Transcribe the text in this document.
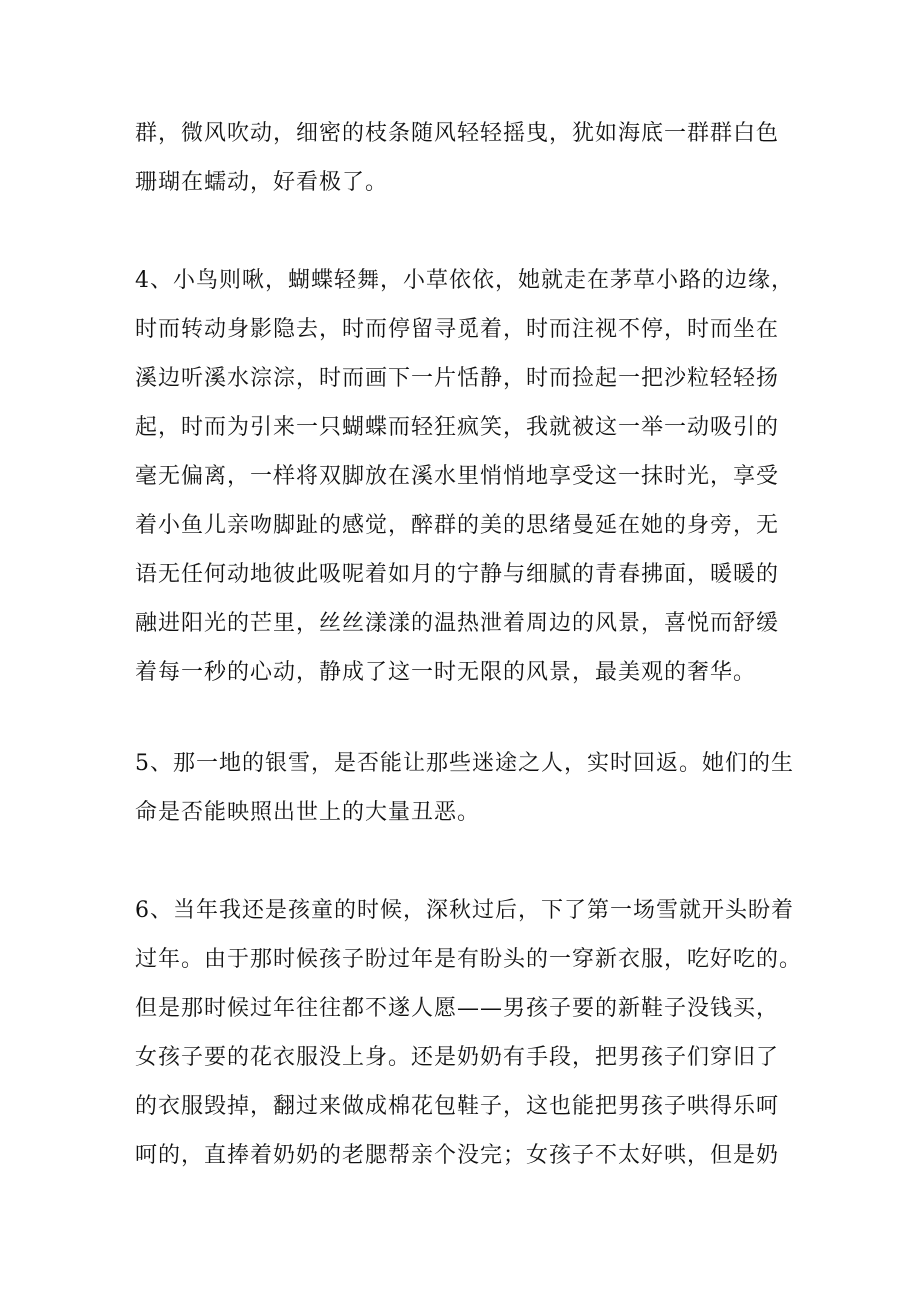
群，微风吹动，细密的枝条随风轻轻摇曳，犹如海底一群群白色
珊瑚在蠕动，好看极了。
4、小鸟则啾，蝴蝶轻舞，小草依依，她就走在茅草小路的边缘，
时而转动身影隐去，时而停留寻觅着，时而注视不停，时而坐在
溪边听溪水淙淙，时而画下一片恬静，时而捡起一把沙粒轻轻扬
起，时而为引来一只蝴蝶而轻狂疯笑，我就被这一举一动吸引的
毫无偏离，一样将双脚放在溪水里悄悄地享受这一抹时光，享受
着小鱼儿亲吻脚趾的感觉，醉群的美的思绪曼延在她的身旁，无
语无任何动地彼此吸呢着如月的宁静与细腻的青春拂面，暖暖的
融进阳光的芒里，丝丝漾漾的温热泄着周边的风景，喜悦而舒缓
着每一秒的心动，静成了这一时无限的风景，最美观的奢华。
5、那一地的银雪，是否能让那些迷途之人，实时回返。她们的生
命是否能映照出世上的大量丑恶。
6、当年我还是孩童的时候，深秋过后，下了第一场雪就开头盼着
过年。由于那时候孩子盼过年是有盼头的一穿新衣服，吃好吃的。
但是那时候过年往往都不遂人愿——男孩子要的新鞋子没钱买，
女孩子要的花衣服没上身。还是奶奶有手段，把男孩子们穿旧了
的衣服毁掉，翻过来做成棉花包鞋子，这也能把男孩子哄得乐呵
呵的，直捧着奶奶的老腮帮亲个没完；女孩子不太好哄，但是奶
